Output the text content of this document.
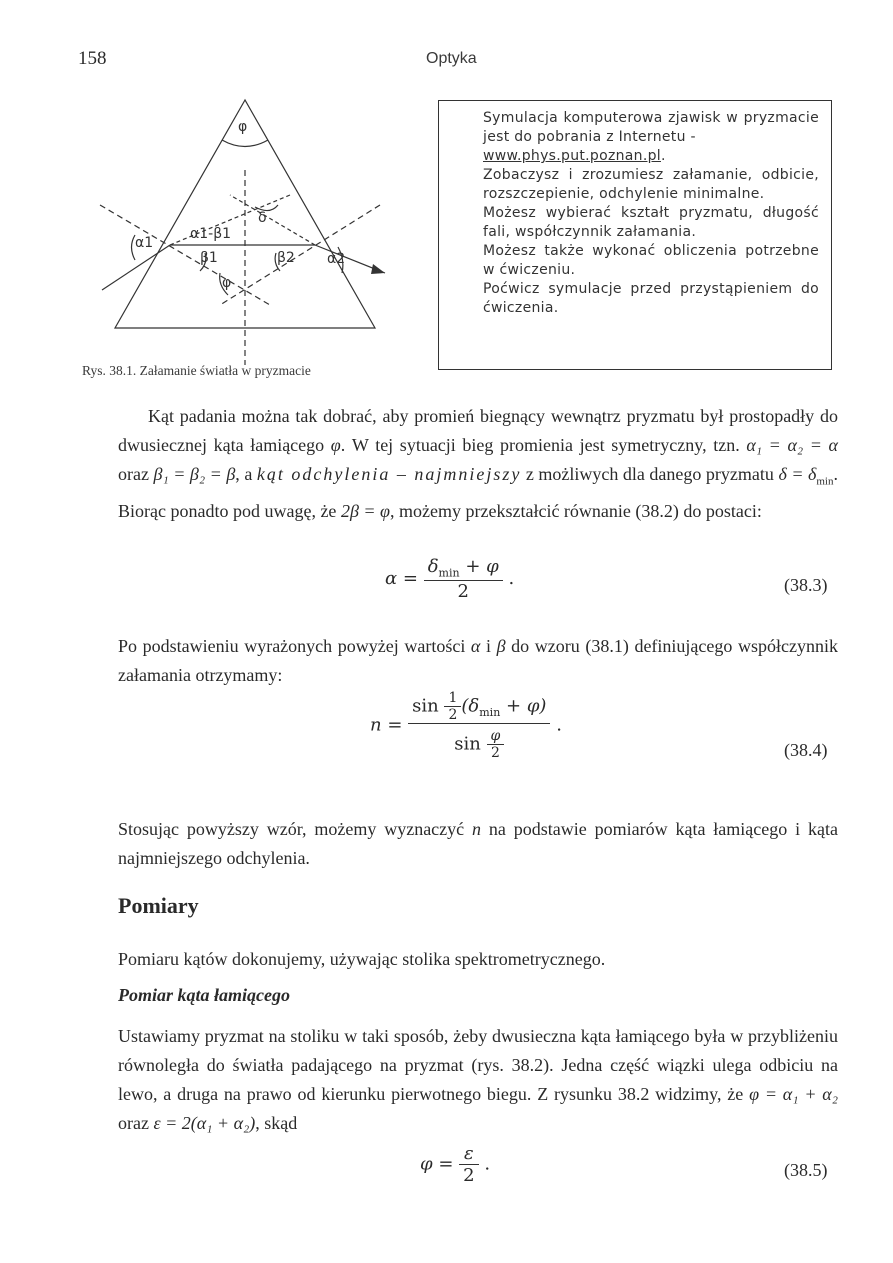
158	Optyka
φ
δ
α1
α1-β1
β1	β2 α2
φ
Rys. 38.1. Załamanie światła w pryzmacie

Symulacja komputerowa zjawisk w pryzmacie jest do pobrania z Internetu -
www.phys.put.poznan.pl.

Zobaczysz i zrozumiesz załamanie, odbicie, rozszczepienie, odchylenie minimalne.

Możesz wybierać kształt pryzmatu, długość fali, współczynnik załamania.

Możesz także wykonać obliczenia potrzebne w ćwiczeniu.

Poćwicz symulacje przed przystąpieniem do ćwiczenia.

Kąt padania można tak dobrać, aby promień biegnący wewnątrz pryzmatu był prostopadły do dwusiecznej kąta łamiącego φ. W tej sytuacji bieg promienia jest symetryczny, tzn. α₁ = α₂ = α oraz β₁ = β₂ = β, a kąt odchylenia – najmniejszy z możliwych dla danego pryzmatu $\delta = \delta_{min}$. Biorąc ponadto pod uwagę, że 2β = φ, możemy przekształcić równanie (38.2) do postaci:

$\alpha = \frac{\delta_{min} + \varphi}{2}$ .	(38.3)

Po podstawieniu wyrażonych powyżej wartości α i β do wzoru (38.1) definiującego współczynnik załamania otrzymamy:

$n = \frac{\sin \frac{1}{2} (\delta_{min} + \varphi)}{\sin \frac{\varphi}{2}}$ .
(38.4)

Stosując powyższy wzór, możemy wyznaczyć n na podstawie pomiarów kąta łamiącego i kąta najmniejszego odchylenia.

Pomiary

Pomiaru kątów dokonujemy, używając stolika spektrometrycznego.

Pomiar kąta łamiącego

Ustawiamy pryzmat na stoliku w taki sposób, żeby dwusieczna kąta łamiącego była w przybliżeniu równoległa do światła padającego na pryzmat (rys. 38.2). Jedna część wiązki ulega odbiciu na lewo, a druga na prawo od kierunku pierwotnego biegu. Z rysunku 38.2 widzimy, że φ = α₁ + α₂ oraz ε = 2(α₁ + α₂), skąd

$\varphi = \frac{\varepsilon}{2}$ .	(38.5)
